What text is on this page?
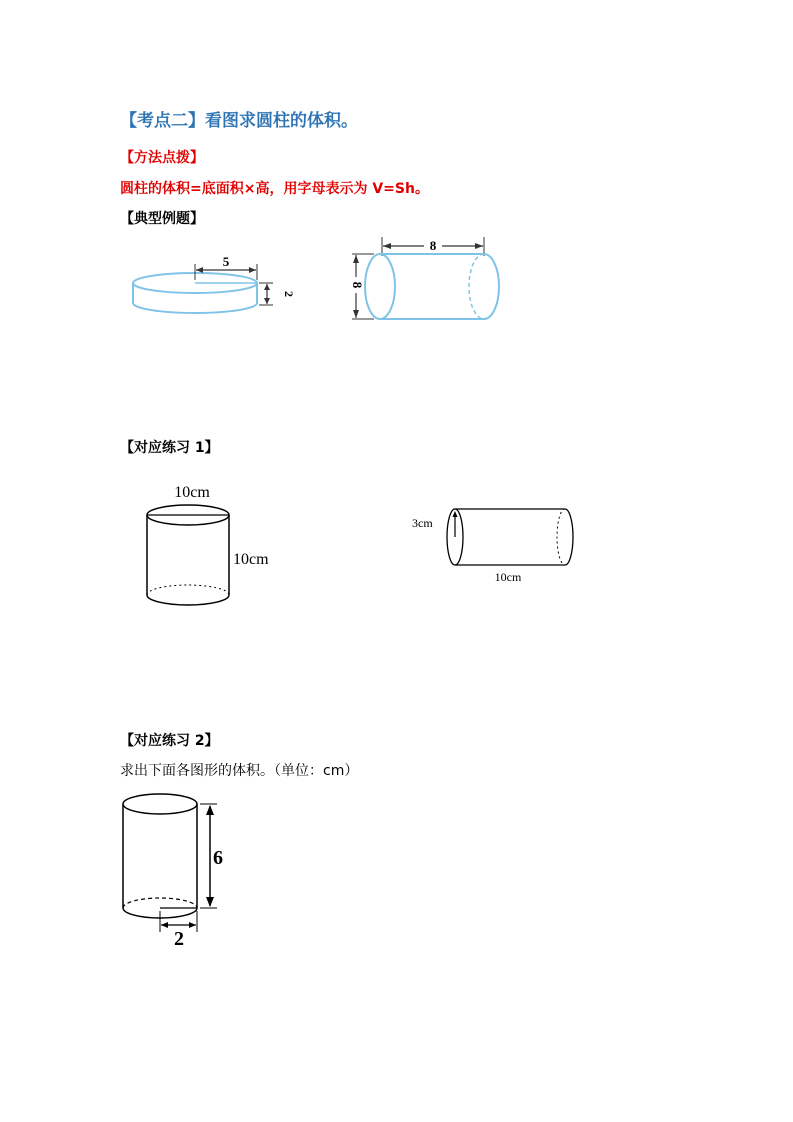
【考点二】看图求圆柱的体积。
【方法点拨】
圆柱的体积=底面积×高，用字母表示为 V=Sh。
【典型例题】
5
2
8
8
【对应练习 1】
10cm
10cm
3cm
10cm
【对应练习 2】
求出下面各图形的体积。（单位：cm）
6
2
